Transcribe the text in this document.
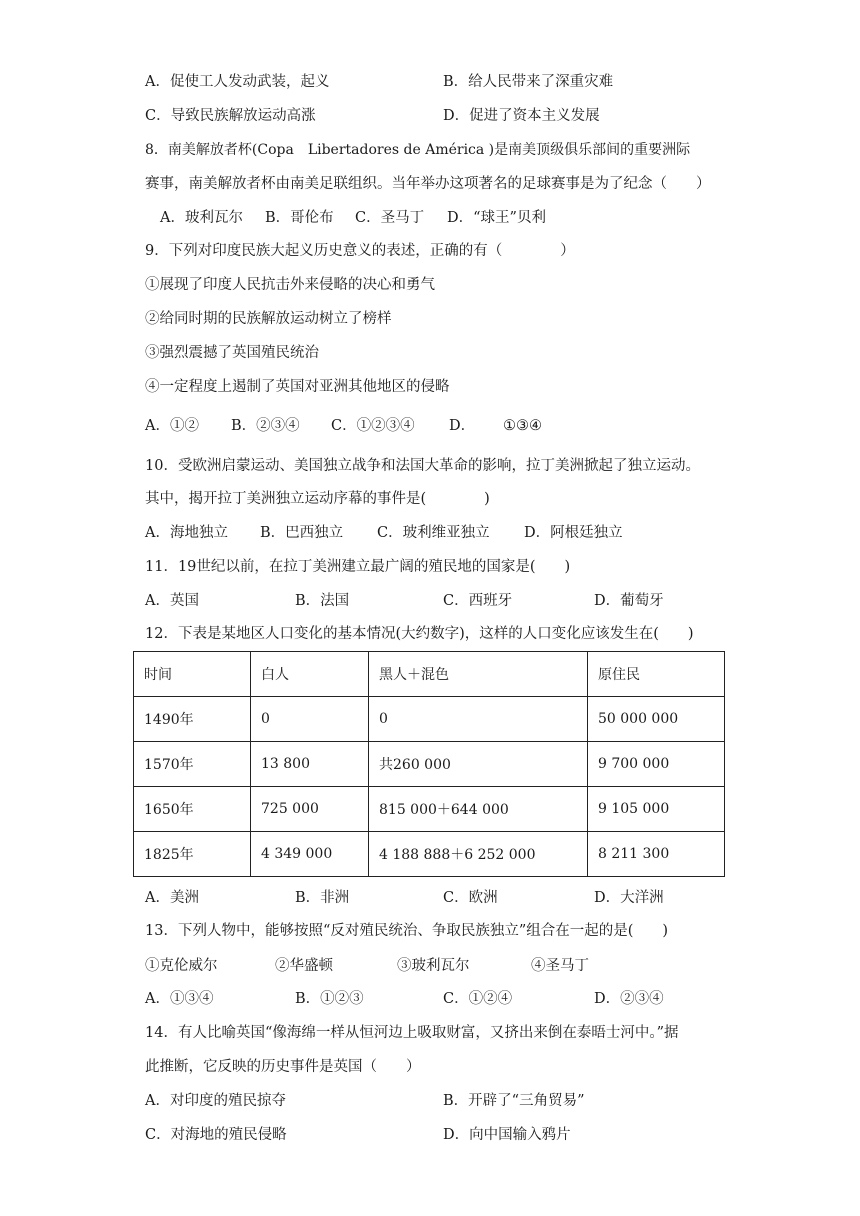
A．促使工人发动武装，起义	B．给人民带来了深重灾难
C．导致民族解放运动高涨	D．促进了资本主义发展
8．南美解放者杯(Copa　Libertadores de América )是南美顶级俱乐部间的重要洲际
赛事，南美解放者杯由南美足联组织。当年举办这项著名的足球赛事是为了纪念（　　）
A．玻利瓦尔 B．哥伦布 C．圣马丁 D．“球王”贝利
9．下列对印度民族大起义历史意义的表述，正确的有（　　　　）
①展现了印度人民抗击外来侵略的决心和勇气
②给同时期的民族解放运动树立了榜样
③强烈震撼了英国殖民统治
④一定程度上遏制了英国对亚洲其他地区的侵略
A．①② B．②③④ C．①②③④ D． ①③④
10．受欧洲启蒙运动、美国独立战争和法国大革命的影响，拉丁美洲掀起了独立运动。
其中，揭开拉丁美洲独立运动序幕的事件是(　　　　)
A．海地独立 B．巴西独立 C．玻利维亚独立 D．阿根廷独立
11．19世纪以前，在拉丁美洲建立最广阔的殖民地的国家是(　　)
A．英国	B．法国	C．西班牙	D．葡萄牙
12．下表是某地区人口变化的基本情况(大约数字)，这样的人口变化应该发生在(　　)
时间	白人	黑人＋混色	原住民
1490年	0	0	50 000 000
1570年	13 800	共260 000	9 700 000
1650年	725 000	815 000＋644 000	9 105 000
1825年	4 349 000	4 188 888＋6 252 000	8 211 300
A．美洲	B．非洲	C．欧洲	D．大洋洲
13．下列人物中，能够按照“反对殖民统治、争取民族独立”组合在一起的是(　　)
①克伦威尔	②华盛顿	③玻利瓦尔	④圣马丁
A．①③④	B．①②③	C．①②④	D．②③④
14．有人比喻英国“像海绵一样从恒河边上吸取财富，又挤出来倒在泰晤士河中。”据
此推断，它反映的历史事件是英国（　　）
A．对印度的殖民掠夺	B．开辟了“三角贸易”
C．对海地的殖民侵略	D．向中国输入鸦片
